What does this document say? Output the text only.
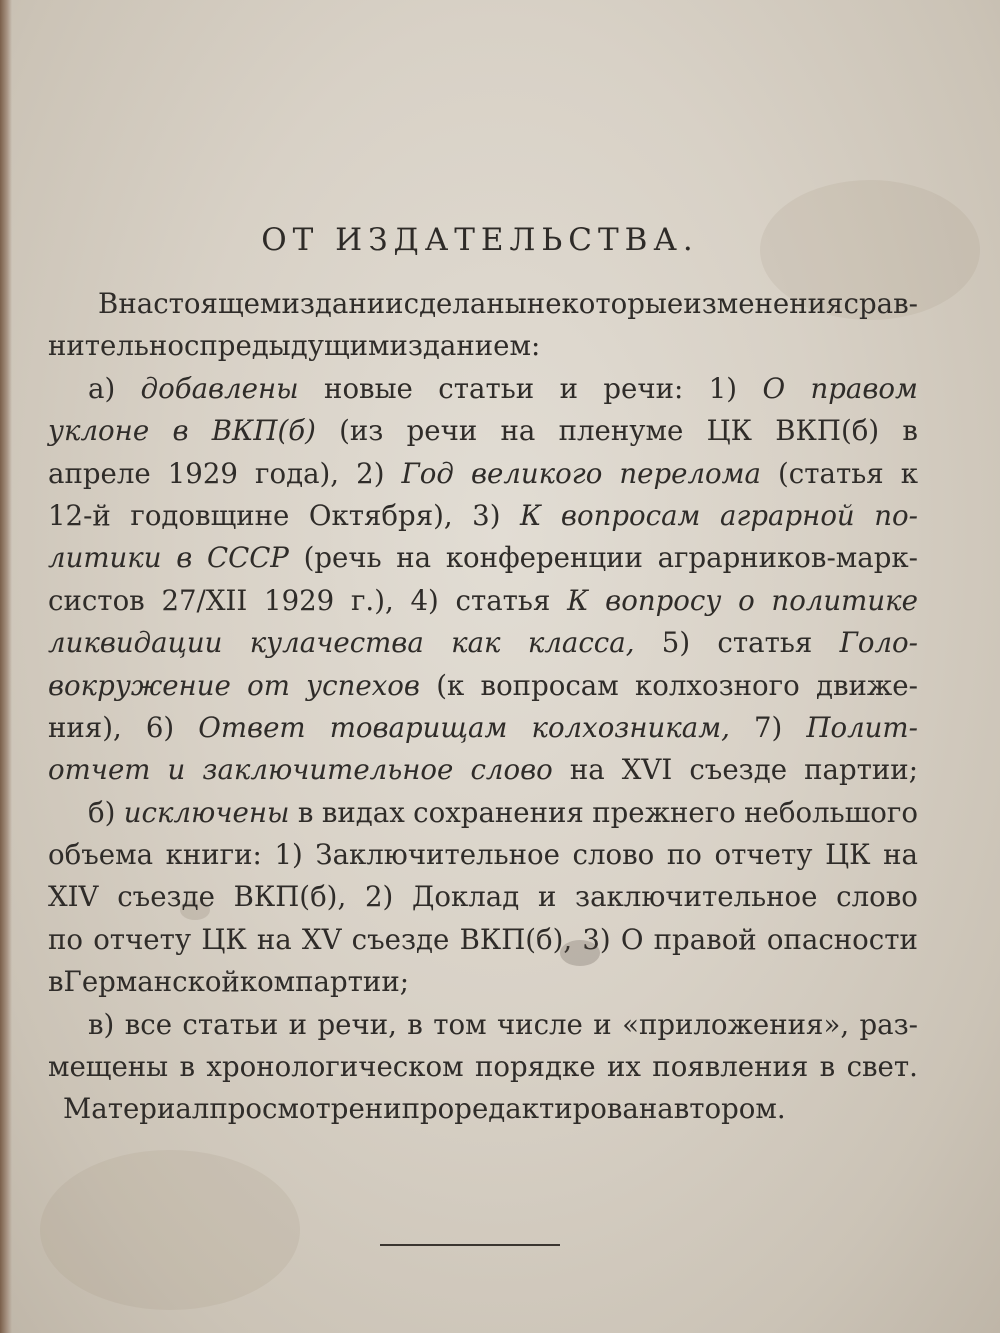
ОТ ИЗДАТЕЛЬСТВА.
В настоящем издании сделаны некоторые изменения срав-
нительно с предыдущим изданием:
а) добавлены новые статьи и речи: 1) О правом
уклоне в ВКП(б) (из речи на пленуме ЦК ВКП(б) в
апреле 1929 года), 2) Год великого перелома (статья к
12-й годовщине Октября), 3) К вопросам аграрной по-
литики в СССР (речь на конференции аграрников-марк-
систов 27/XII 1929 г.), 4) статья К вопросу о политике
ликвидации кулачества как класса, 5) статья Голо-
вокружение от успехов (к вопросам колхозного движе-
ния), 6) Ответ товарищам колхозникам, 7) Полит-
отчет и заключительное слово на XVI съезде партии;
б) исключены в видах сохранения прежнего небольшого
объема книги: 1) Заключительное слово по отчету ЦК на
XIV съезде ВКП(б), 2) Доклад и заключительное слово
по отчету ЦК на XV съезде ВКП(б), 3) О правой опасности
в Германской компартии;
в) все статьи и речи, в том числе и «приложения», раз-
мещены в хронологическом порядке их появления в свет.
Материал просмотрен и проредактирован автором.
